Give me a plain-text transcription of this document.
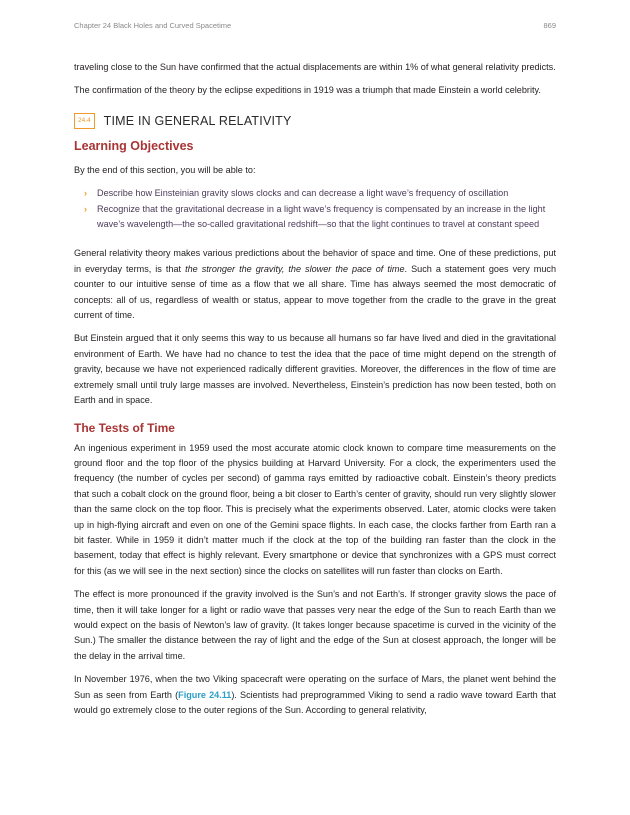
Chapter 24 Black Holes and Curved Spacetime	869

traveling close to the Sun have confirmed that the actual displacements are within 1% of what general relativity predicts.

The confirmation of the theory by the eclipse expeditions in 1919 was a triumph that made Einstein a world celebrity.

24.4	TIME IN GENERAL RELATIVITY
Learning Objectives

By the end of this section, you will be able to:

› Describe how Einsteinian gravity slows clocks and can decrease a light wave’s frequency of oscillation
› Recognize that the gravitational decrease in a light wave’s frequency is compensated by an increase in the light wave’s wavelength—the so-called gravitational redshift—so that the light continues to travel at constant speed

General relativity theory makes various predictions about the behavior of space and time. One of these predictions, put in everyday terms, is that the stronger the gravity, the slower the pace of time. Such a statement goes very much counter to our intuitive sense of time as a flow that we all share. Time has always seemed the most democratic of concepts: all of us, regardless of wealth or status, appear to move together from the cradle to the grave in the great current of time.

But Einstein argued that it only seems this way to us because all humans so far have lived and died in the gravitational environment of Earth. We have had no chance to test the idea that the pace of time might depend on the strength of gravity, because we have not experienced radically different gravities. Moreover, the differences in the flow of time are extremely small until truly large masses are involved. Nevertheless, Einstein’s prediction has now been tested, both on Earth and in space.

The Tests of Time

An ingenious experiment in 1959 used the most accurate atomic clock known to compare time measurements on the ground floor and the top floor of the physics building at Harvard University. For a clock, the experimenters used the frequency (the number of cycles per second) of gamma rays emitted by radioactive cobalt. Einstein’s theory predicts that such a cobalt clock on the ground floor, being a bit closer to Earth’s center of gravity, should run very slightly slower than the same clock on the top floor. This is precisely what the experiments observed. Later, atomic clocks were taken up in high-flying aircraft and even on one of the Gemini space flights. In each case, the clocks farther from Earth ran a bit faster. While in 1959 it didn’t matter much if the clock at the top of the building ran faster than the clock in the basement, today that effect is highly relevant. Every smartphone or device that synchronizes with a GPS must correct for this (as we will see in the next section) since the clocks on satellites will run faster than clocks on Earth.

The effect is more pronounced if the gravity involved is the Sun’s and not Earth’s. If stronger gravity slows the pace of time, then it will take longer for a light or radio wave that passes very near the edge of the Sun to reach Earth than we would expect on the basis of Newton’s law of gravity. (It takes longer because spacetime is curved in the vicinity of the Sun.) The smaller the distance between the ray of light and the edge of the Sun at closest approach, the longer will be the delay in the arrival time.

In November 1976, when the two Viking spacecraft were operating on the surface of Mars, the planet went behind the Sun as seen from Earth (Figure 24.11). Scientists had preprogrammed Viking to send a radio wave toward Earth that would go extremely close to the outer regions of the Sun. According to general relativity,
